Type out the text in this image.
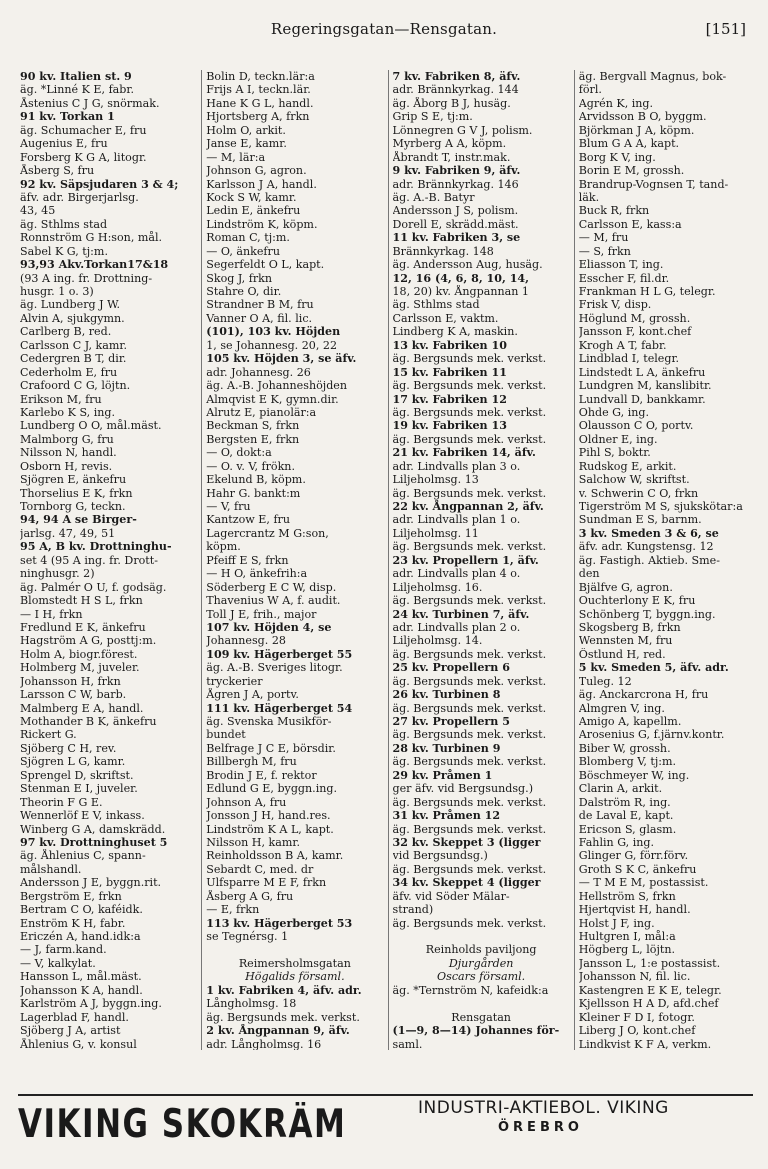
Regeringsgatan—Rensgatan.	[151]
90 kv. Italien st. 9
äg. *Linné K E, fabr.
Åstenius C J G, snörmak.
91 kv. Torkan 1
äg. Schumacher E, fru
Augenius E, fru
Forsberg K G A, litogr.
Åsberg S, fru
92 kv. Säpsjudaren 3 & 4;
äfv. adr. Birgerjarlsg.
43, 45
äg. Sthlms stad
Ronnström G H:son, mål.
Sabel K G, tj:m.
93,93 Akv.Torkan17&18
(93 A ing. fr. Drottning-
husgr. 1 o. 3)
äg. Lundberg J W.
Alvin A, sjukgymn.
Carlberg B, red.
Carlsson C J, kamr.
Cedergren B T, dir.
Cederholm E, fru
Crafoord C G, löjtn.
Erikson M, fru
Karlebo K S, ing.
Lundberg O O, mål.mäst.
Malmborg G, fru
Nilsson N, handl.
Osborn H, revis.
Sjögren E, änkefru
Thorselius E K, frkn
Tornborg G, teckn.
94, 94 A se Birger-
jarlsg. 47, 49, 51
95 A, B kv. Drottninghu-
set 4 (95 A ing. fr. Drott-
ninghusgr. 2)
äg. Palmér O U, f. godsäg.
Blomstedt H S L, frkn
— I H, frkn
Fredlund E K, änkefru
Hagström A G, posttj:m.
Holm A, biogr.förest.
Holmberg M, juveler.
Johansson H, frkn
Larsson C W, barb.
Malmberg E A, handl.
Mothander B K, änkefru
Rickert G.
Sjöberg C H, rev.
Sjögren L G, kamr.
Sprengel D, skriftst.
Stenman E I, juveler.
Theorin F G E.
Wennerlöf E V, inkass.
Winberg G A, damskrädd.
97 kv. Drottninghuset 5
äg. Åhlenius C, spann-
målshandl.
Andersson J E, byggn.rit.
Bergström E, frkn
Bertram C O, kaféidk.
Enström K H, fabr.
Ericzén A, hand.idk:a
— J, farm.kand.
— V, kalkylat.
Hansson L, mål.mäst.
Johansson K A, handl.
Karlström A J, byggn.ing.
Lagerblad F, handl.
Sjöberg J A, artist
Åhlenius G, v. konsul
Bolin D, teckn.lär:a
Frijs A I, teckn.lär.
Hane K G L, handl.
Hjortsberg A, frkn
Holm O, arkit.
Janse E, kamr.
— M, lär:a
Johnson G, agron.
Karlsson J A, handl.
Kock S W, kamr.
Ledin E, änkefru
Lindström K, köpm.
Roman C, tj:m.
— O, änkefru
Segerfeldt O L, kapt.
Skog J, frkn
Stahre O, dir.
Strandner B M, fru
Vanner O A, fil. lic.
(101), 103 kv. Höjden
1, se Johannesg. 20, 22
105 kv. Höjden 3, se äfv.
adr. Johannesg. 26
äg. A.-B. Johanneshöjden
Almqvist E K, gymn.dir.
Alrutz E, pianolär:a
Beckman S, frkn
Bergsten E, frkn
— O, dokt:a
— O. v. V, frökn.
Ekelund B, köpm.
Hahr G. bankt:m
— V, fru
Kantzow E, fru
Lagercrantz M G:son,
köpm.
Pfeiff E S, frkn
— H O, änkefrih:a
Söderberg E C W, disp.
Thavenius W A, f. audit.
Toll J E, frih., major
107 kv. Höjden 4, se
Johannesg. 28
109 kv. Hägerberget 55
äg. A.-B. Sveriges litogr.
tryckerier
Ågren J A, portv.
111 kv. Hägerberget 54
äg. Svenska Musikför-
bundet
Belfrage J C E, börsdir.
Billbergh M, fru
Brodin J E, f. rektor
Edlund G E, byggn.ing.
Johnson A, fru
Jonsson J H, hand.res.
Lindström K A L, kapt.
Nilsson H, kamr.
Reinholdsson B A, kamr.
Sebardt C, med. dr
Ulfsparre M E F, frkn
Åsberg A G, fru
— E, frkn
113 kv. Hägerberget 53
se Tegnérsg. 1
Reimersholmsgatan
Högalids församl.
1 kv. Fabriken 4, äfv. adr.
Långholmsg. 18
äg. Bergsunds mek. verkst.
2 kv. Ångpannan 9, äfv.
adr. Långholmsg. 16
7 kv. Fabriken 8, äfv.
adr. Brännkyrkag. 144
äg. Åborg B J, husäg.
Grip S E, tj:m.
Lönnegren G V J, polism.
Myrberg A A, köpm.
Åbrandt T, instr.mak.
9 kv. Fabriken 9, äfv.
adr. Brännkyrkag. 146
äg. A.-B. Batyr
Andersson J S, polism.
Dorell E, skrädd.mäst.
11 kv. Fabriken 3, se
Brännkyrkag. 148
äg. Andersson Aug, husäg.
12, 16 (4, 6, 8, 10, 14,
18, 20) kv. Ångpannan 1
äg. Sthlms stad
Carlsson E, vaktm.
Lindberg K A, maskin.
13 kv. Fabriken 10
äg. Bergsunds mek. verkst.
15 kv. Fabriken 11
äg. Bergsunds mek. verkst.
17 kv. Fabriken 12
äg. Bergsunds mek. verkst.
19 kv. Fabriken 13
äg. Bergsunds mek. verkst.
21 kv. Fabriken 14, äfv.
adr. Lindvalls plan 3 o.
Liljeholmsg. 13
äg. Bergsunds mek. verkst.
22 kv. Ångpannan 2, äfv.
adr. Lindvalls plan 1 o.
Liljeholmsg. 11
äg. Bergsunds mek. verkst.
23 kv. Propellern 1, äfv.
adr. Lindvalls plan 4 o.
Liljeholmsg. 16.
äg. Bergsunds mek. verkst.
24 kv. Turbinen 7, äfv.
adr. Lindvalls plan 2 o.
Liljeholmsg. 14.
äg. Bergsunds mek. verkst.
25 kv. Propellern 6
äg. Bergsunds mek. verkst.
26 kv. Turbinen 8
äg. Bergsunds mek. verkst.
27 kv. Propellern 5
äg. Bergsunds mek. verkst.
28 kv. Turbinen 9
äg. Bergsunds mek. verkst.
29 kv. Pråmen 1
ger äfv. vid Bergsundsg.)
äg. Bergsunds mek. verkst.
31 kv. Pråmen 12
äg. Bergsunds mek. verkst.
32 kv. Skeppet 3 (ligger
vid Bergsundsg.)
äg. Bergsunds mek. verkst.
34 kv. Skeppet 4 (ligger
äfv. vid Söder Mälar-
strand)
äg. Bergsunds mek. verkst.
Reinholds paviljong
Djurgården
Oscars församl.
äg. *Ternström N, kafeidk:a
Rensgatan
(1—9, 8—14) Johannes för-
saml.
äg. Bergvall Magnus, bok-
förl.
Agrén K, ing.
Arvidsson B O, byggm.
Björkman J A, köpm.
Blum G A A, kapt.
Borg K V, ing.
Borin E M, grossh.
Brandrup-Vognsen T, tand-
läk.
Buck R, frkn
Carlsson E, kass:a
— M, fru
— S, frkn
Eliasson T, ing.
Esscher F, fil.dr.
Frankman H L G, telegr.
Frisk V, disp.
Höglund M, grossh.
Jansson F, kont.chef
Krogh A T, fabr.
Lindblad I, telegr.
Lindstedt L A, änkefru
Lundgren M, kanslibitr.
Lundvall D, bankkamr.
Ohde G, ing.
Olausson C O, portv.
Oldner E, ing.
Pihl S, boktr.
Rudskog E, arkit.
Salchow W, skriftst.
v. Schwerin C O, frkn
Tigerström M S, sjukskötar:a
Sundman E S, barnm.
3 kv. Smeden 3 & 6, se
äfv. adr. Kungstensg. 12
äg. Fastigh. Aktieb. Sme-
den
Bjälfve G, agron.
Ouchterlony E K, fru
Schönberg T, byggn.ing.
Skogsberg B, frkn
Wennsten M, fru
Östlund H, red.
5 kv. Smeden 5, äfv. adr.
Tuleg. 12
äg. Anckarcrona H, fru
Almgren V, ing.
Amigo A, kapellm.
Arosenius G, f.järnv.kontr.
Biber W, grossh.
Blomberg V, tj:m.
Böschmeyer W, ing.
Clarin A, arkit.
Dalström R, ing.
de Laval E, kapt.
Ericson S, glasm.
Fahlin G, ing.
Glinger G, förr.förv.
Groth S K C, änkefru
— T M E M, postassist.
Hellström S, frkn
Hjertqvist H, handl.
Holst J F, ing.
Hultgren I, mål:a
Högberg L, löjtn.
Jansson L, 1:e postassist.
Johansson N, fil. lic.
Kastengren E K E, telegr.
Kjellsson H A D, afd.chef
Kleiner F D I, fotogr.
Liberg J O, kont.chef
Lindkvist K F A, verkm.
VIKING SKOKRÄM	INDUSTRI-AKTIEBOL. VIKING
ÖREBRO
